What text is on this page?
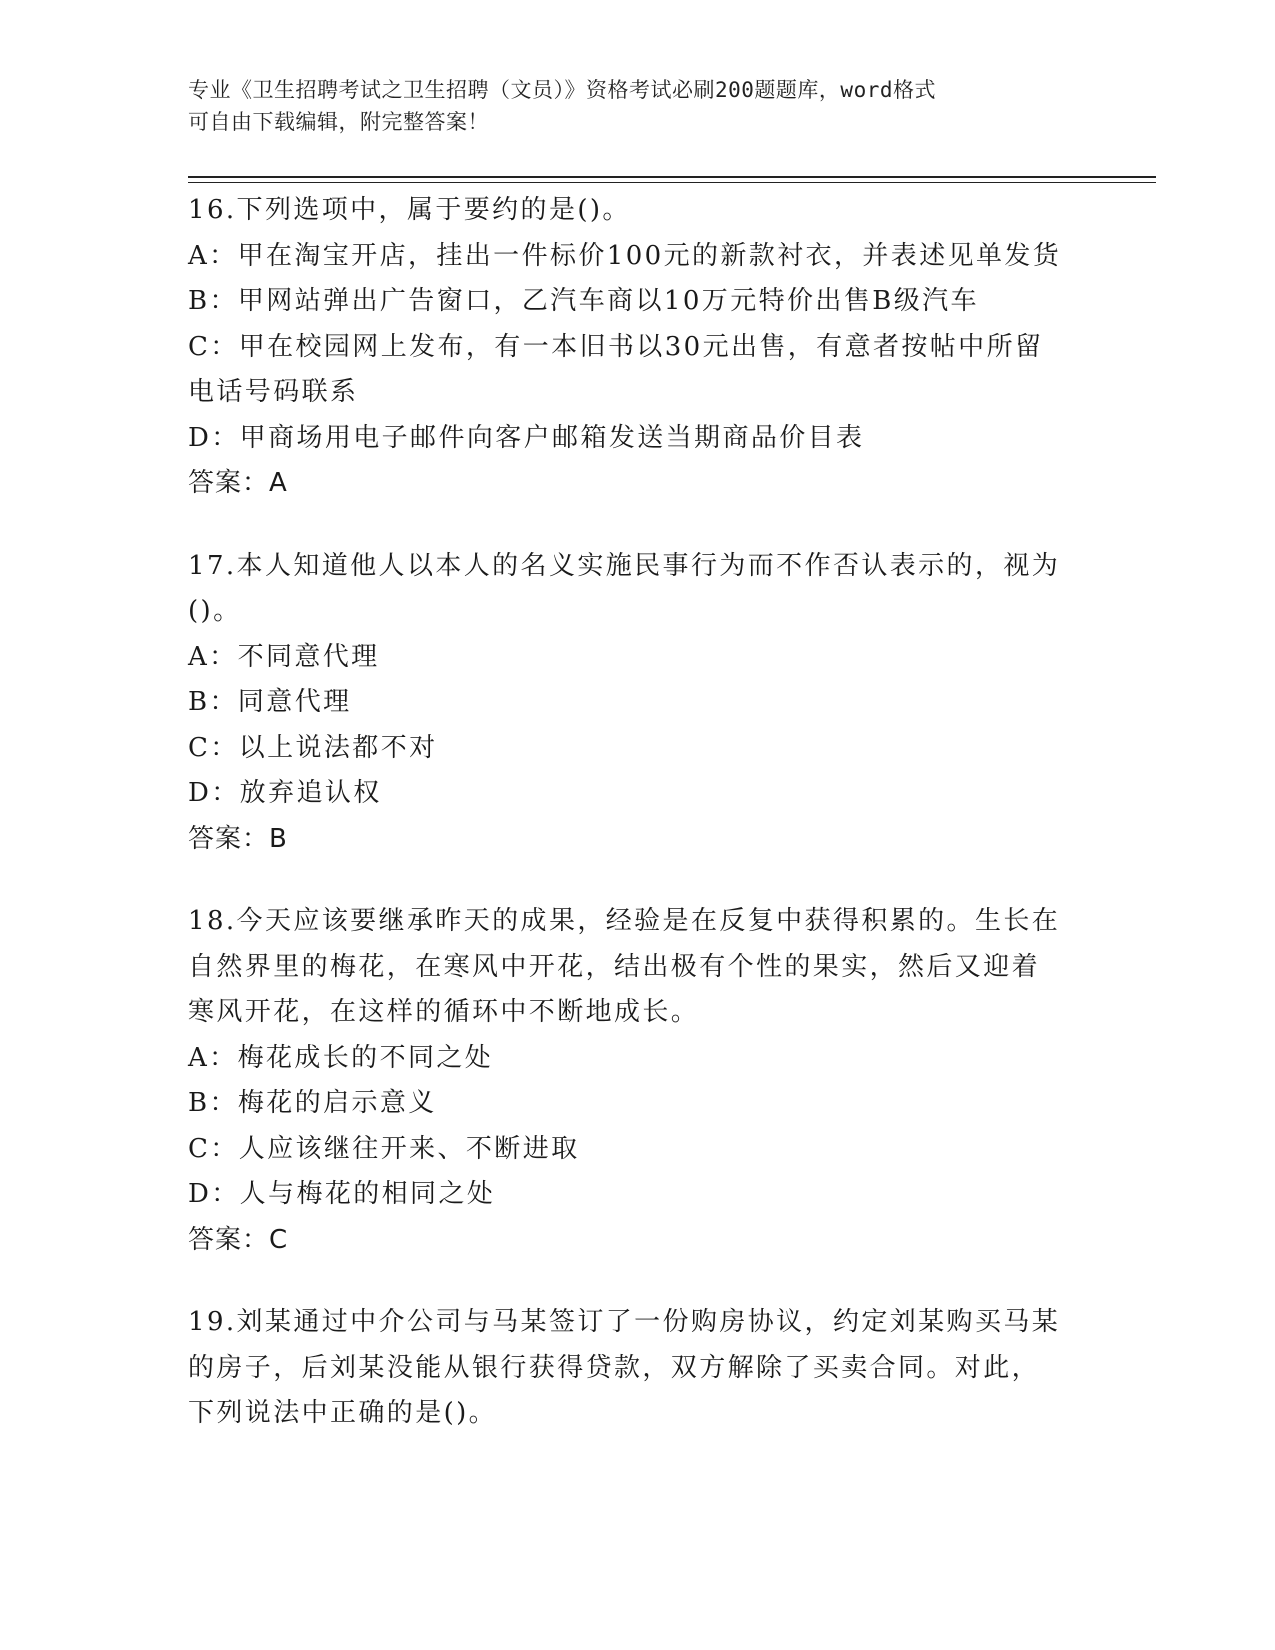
专业《卫生招聘考试之卫生招聘（文员）》资格考试必刷200题题库，word格式
可自由下载编辑，附完整答案！
16.下列选项中，属于要约的是()。
A：甲在淘宝开店，挂出一件标价100元的新款衬衣，并表述见单发货
B：甲网站弹出广告窗口，乙汽车商以10万元特价出售B级汽车
C：甲在校园网上发布，有一本旧书以30元出售，有意者按帖中所留
电话号码联系
D：甲商场用电子邮件向客户邮箱发送当期商品价目表
答案：A
17.本人知道他人以本人的名义实施民事行为而不作否认表示的，视为
()。
A：不同意代理
B：同意代理
C：以上说法都不对
D：放弃追认权
答案：B
18.今天应该要继承昨天的成果，经验是在反复中获得积累的。生长在
自然界里的梅花，在寒风中开花，结出极有个性的果实，然后又迎着
寒风开花，在这样的循环中不断地成长。
A：梅花成长的不同之处
B：梅花的启示意义
C：人应该继往开来、不断进取
D：人与梅花的相同之处
答案：C
19.刘某通过中介公司与马某签订了一份购房协议，约定刘某购买马某
的房子，后刘某没能从银行获得贷款，双方解除了买卖合同。对此，
下列说法中正确的是()。
